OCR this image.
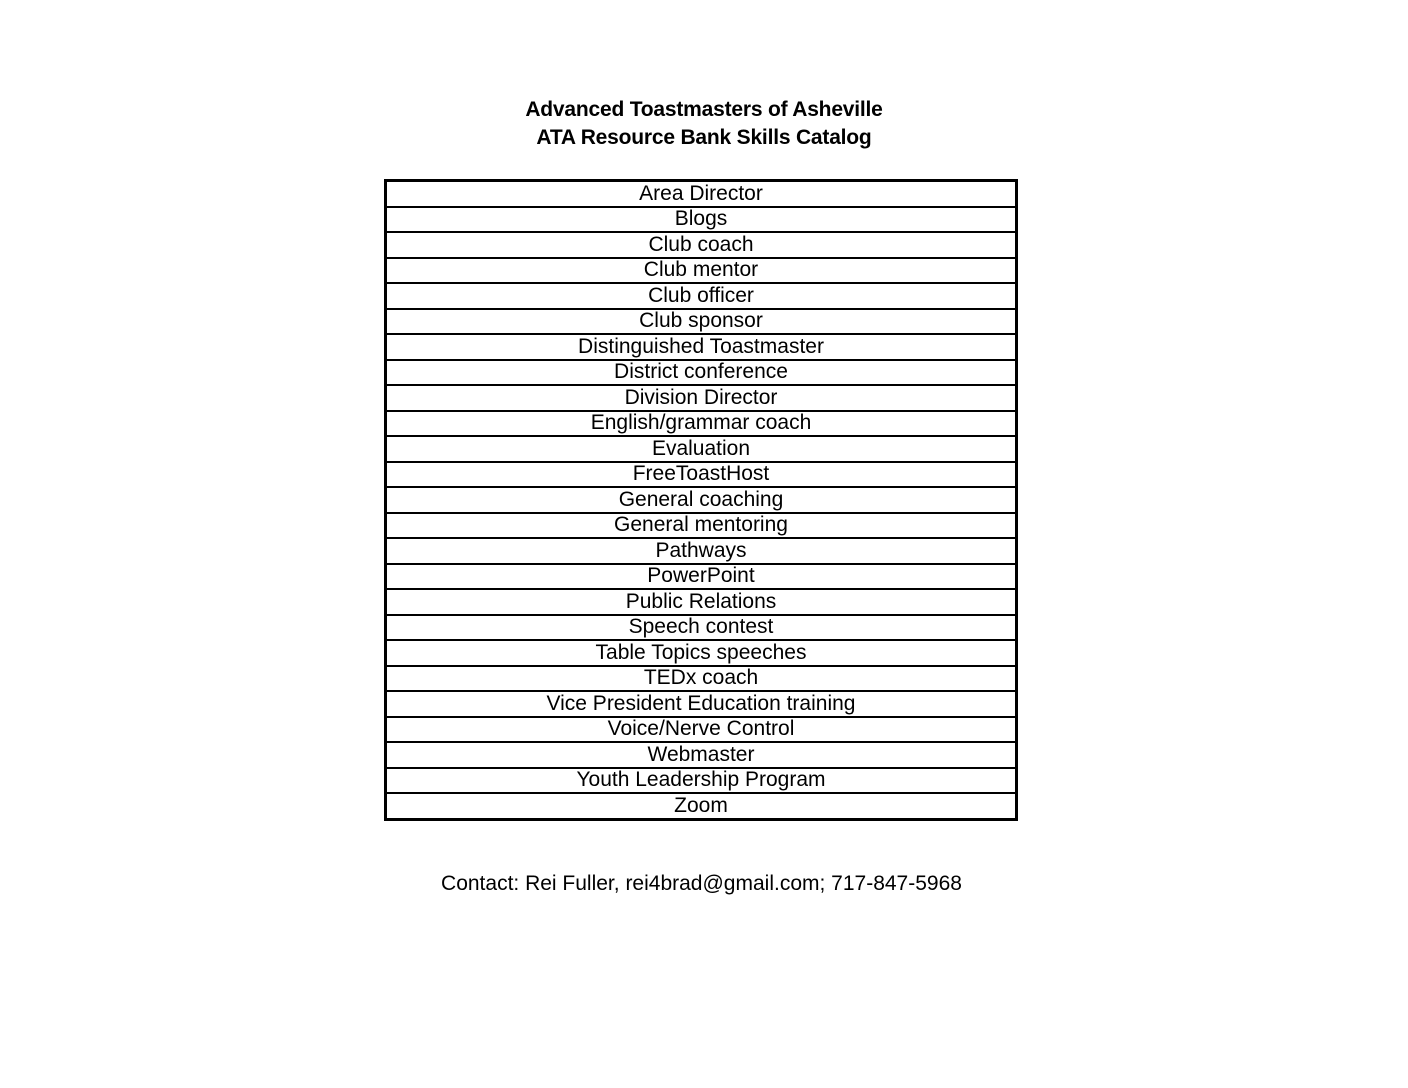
Advanced Toastmasters of Asheville
ATA Resource Bank Skills Catalog
Area Director
Blogs
Club coach
Club mentor
Club officer
Club sponsor
Distinguished Toastmaster
District conference
Division Director
English/grammar coach
Evaluation
FreeToastHost
General coaching
General mentoring
Pathways
PowerPoint
Public Relations
Speech contest
Table Topics speeches
TEDx coach
Vice President Education training
Voice/Nerve Control
Webmaster
Youth Leadership Program
Zoom
Contact: Rei Fuller, rei4brad@gmail.com; 717-847-5968
